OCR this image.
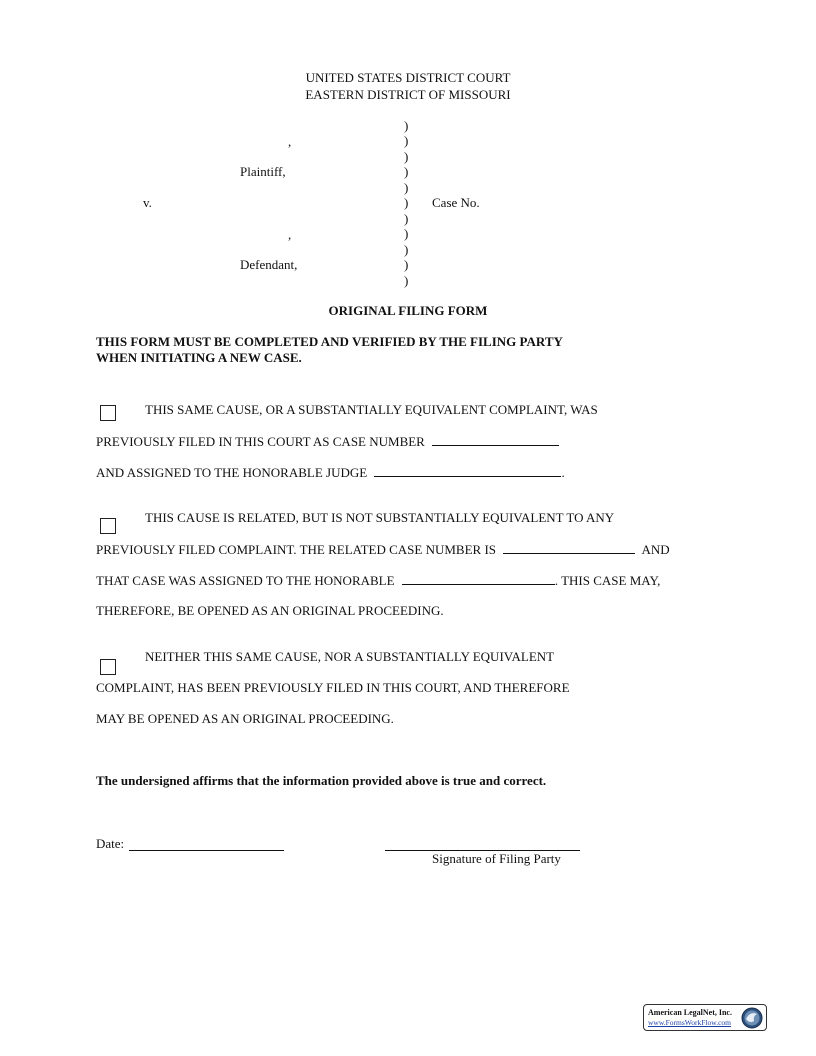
UNITED STATES DISTRICT COURT
EASTERN DISTRICT OF MISSOURI
)
)
)
)
)
)
)
)
)
)
)
,
Plaintiff,
v.	Case No.
,
Defendant,
ORIGINAL FILING FORM
THIS FORM MUST BE COMPLETED AND VERIFIED BY THE FILING PARTY
WHEN INITIATING A NEW CASE.
THIS SAME CAUSE, OR A SUBSTANTIALLY EQUIVALENT COMPLAINT, WAS
PREVIOUSLY FILED IN THIS COURT AS CASE NUMBER
AND ASSIGNED TO THE HONORABLE JUDGE	.
THIS CAUSE IS RELATED, BUT IS NOT SUBSTANTIALLY EQUIVALENT TO ANY
PREVIOUSLY FILED COMPLAINT. THE RELATED CASE NUMBER IS	AND
THAT CASE WAS ASSIGNED TO THE HONORABLE	. THIS CASE MAY,
THEREFORE, BE OPENED AS AN ORIGINAL PROCEEDING.
NEITHER THIS SAME CAUSE, NOR A SUBSTANTIALLY EQUIVALENT
COMPLAINT, HAS BEEN PREVIOUSLY FILED IN THIS COURT, AND THEREFORE
MAY BE OPENED AS AN ORIGINAL PROCEEDING.
The undersigned affirms that the information provided above is true and correct.
Date:
Signature of Filing Party
American LegalNet, Inc.
www.FormsWorkFlow.com
